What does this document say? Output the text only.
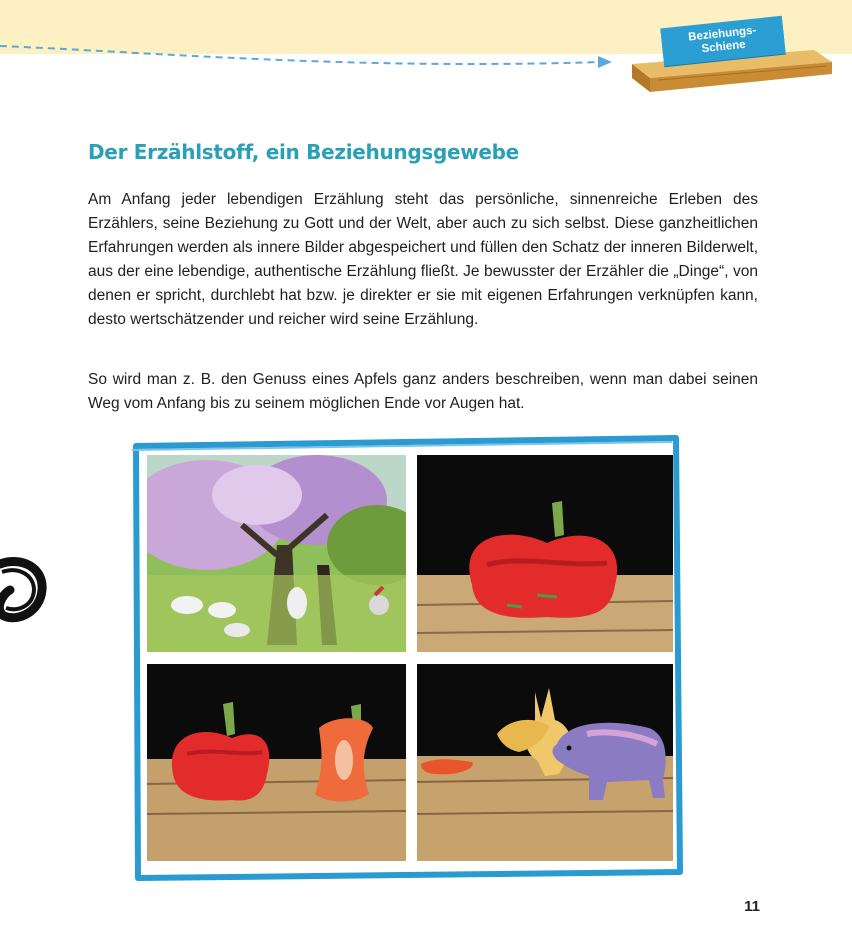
Beziehungs-Schiene
Der Erzählstoff, ein Beziehungsgewebe

Am Anfang jeder lebendigen Erzählung steht das persönliche, sinnenreiche Erleben des Erzählers, seine Beziehung zu Gott und der Welt, aber auch zu sich selbst. Diese ganzheitlichen Erfahrungen werden als innere Bilder abgespeichert und füllen den Schatz der inneren Bilderwelt, aus der eine lebendige, authentische Erzählung fließt. Je bewusster der Erzähler die „Dinge“, von denen er spricht, durchlebt hat bzw. je direkter er sie mit eigenen Erfahrungen verknüpfen kann, desto wertschätzender und reicher wird seine Erzählung.

So wird man z. B. den Genuss eines Apfels ganz anders beschreiben, wenn man dabei seinen Weg vom Anfang bis zu seinem möglichen Ende vor Augen hat.

11
